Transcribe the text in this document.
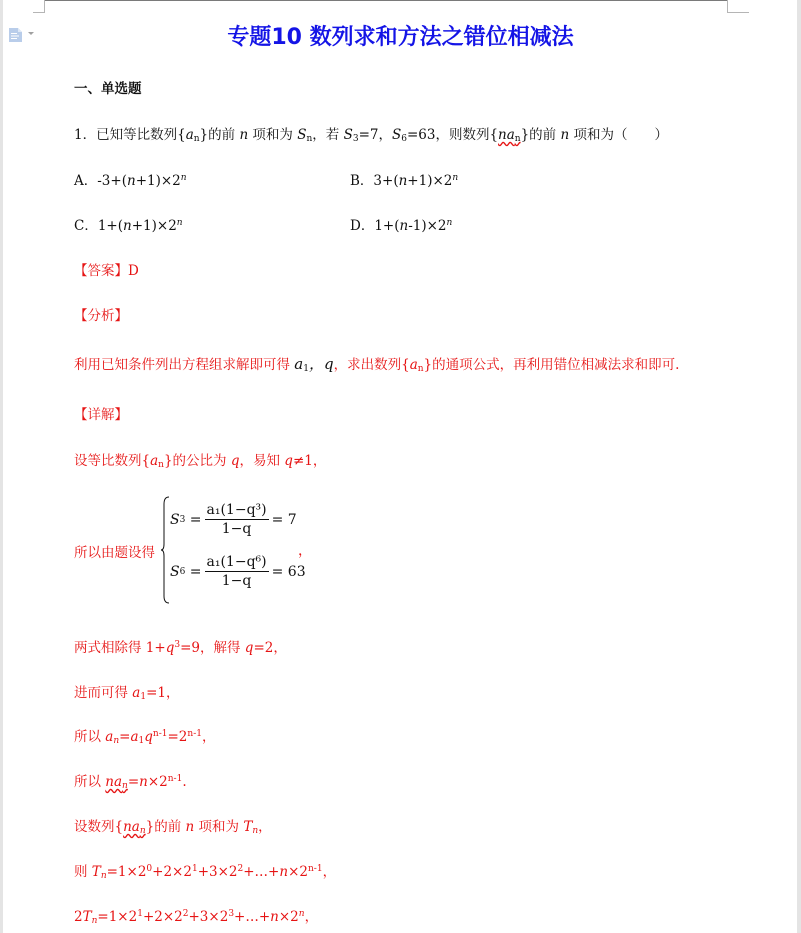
专题10 数列求和方法之错位相减法
一、单选题
1．已知等比数列$\{a_n\}$的前 n 项和为 $S_n$，若 $S_3=7$，$S_6=63$，则数列$\{na_n\}$的前 n 项和为（　　）
A．$-3+(n+1)\times 2^n$	B．$3+(n+1)\times 2^n$
C．$1+(n+1)\times 2^n$	D．$1+(n-1)\times 2^n$
【答案】D
【分析】
利用已知条件列出方程组求解即可得 $a_1$，q，求出数列$\{a_n\}$的通项公式，再利用错位相减法求和即可.
【详解】
设等比数列$\{a_n\}$的公比为 q，易知 q≠1，
所以由题设得
S $3 = \frac{\text{a₁(1−q³)}}{1-q} = 7$
S $6 = \frac{\text{a₁(1−q⁶)}}{1-q} = 63$
，
两式相除得 $1+q^3=9$，解得 q=2，
进而可得 $a_1=1$，
所以 $a_n=a_1q^{n-1}=2^{n-1}$，
所以 $na_n=n\times 2^{n-1}$.
设数列$\{na_n\}$的前 n 项和为 $T_n$，
则 $T_n=1\times 2^0+2\times 2^1+3\times 2^2+\dots+n\times 2^{n-1}$，
$2T_n=1\times 2^1+2\times 2^2+3\times 2^3+\dots+n\times 2^n$，
